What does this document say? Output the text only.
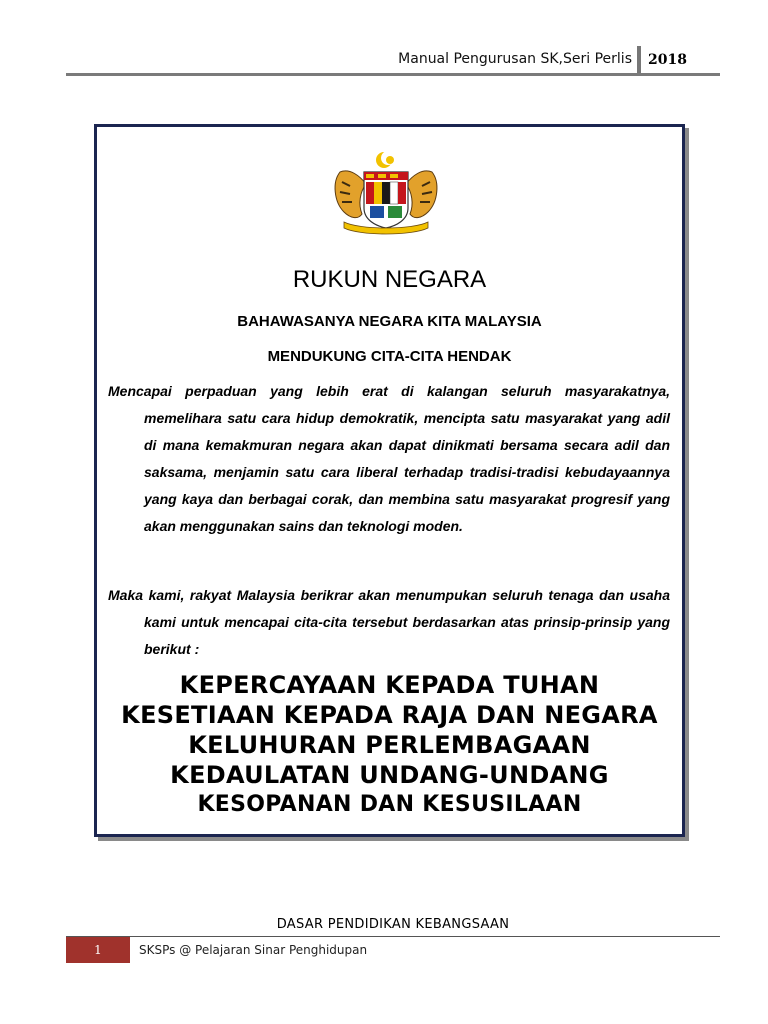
Manual Pengurusan SK,Seri Perlis 2018
RUKUN NEGARA
BAHAWASANYA NEGARA KITA MALAYSIA
MENDUKUNG CITA-CITA HENDAK
Mencapai perpaduan yang lebih erat di kalangan seluruh masyarakatnya, memelihara satu cara hidup demokratik, mencipta satu masyarakat yang adil di mana kemakmuran negara akan dapat dinikmati bersama secara adil dan saksama, menjamin satu cara liberal terhadap tradisi-tradisi kebudayaannya yang kaya dan berbagai corak, dan membina satu masyarakat progresif yang akan menggunakan sains dan teknologi moden.
Maka kami, rakyat Malaysia berikrar akan menumpukan seluruh tenaga dan usaha kami untuk mencapai cita-cita tersebut berdasarkan atas prinsip-prinsip yang berikut :
KEPERCAYAAN KEPADA TUHAN
KESETIAAN KEPADA RAJA DAN NEGARA
KELUHURAN PERLEMBAGAAN
KEDAULATAN UNDANG-UNDANG
KESOPANAN DAN KESUSILAAN
DASAR PENDIDIKAN KEBANGSAAN
1	SKSPs @ Pelajaran Sinar Penghidupan
